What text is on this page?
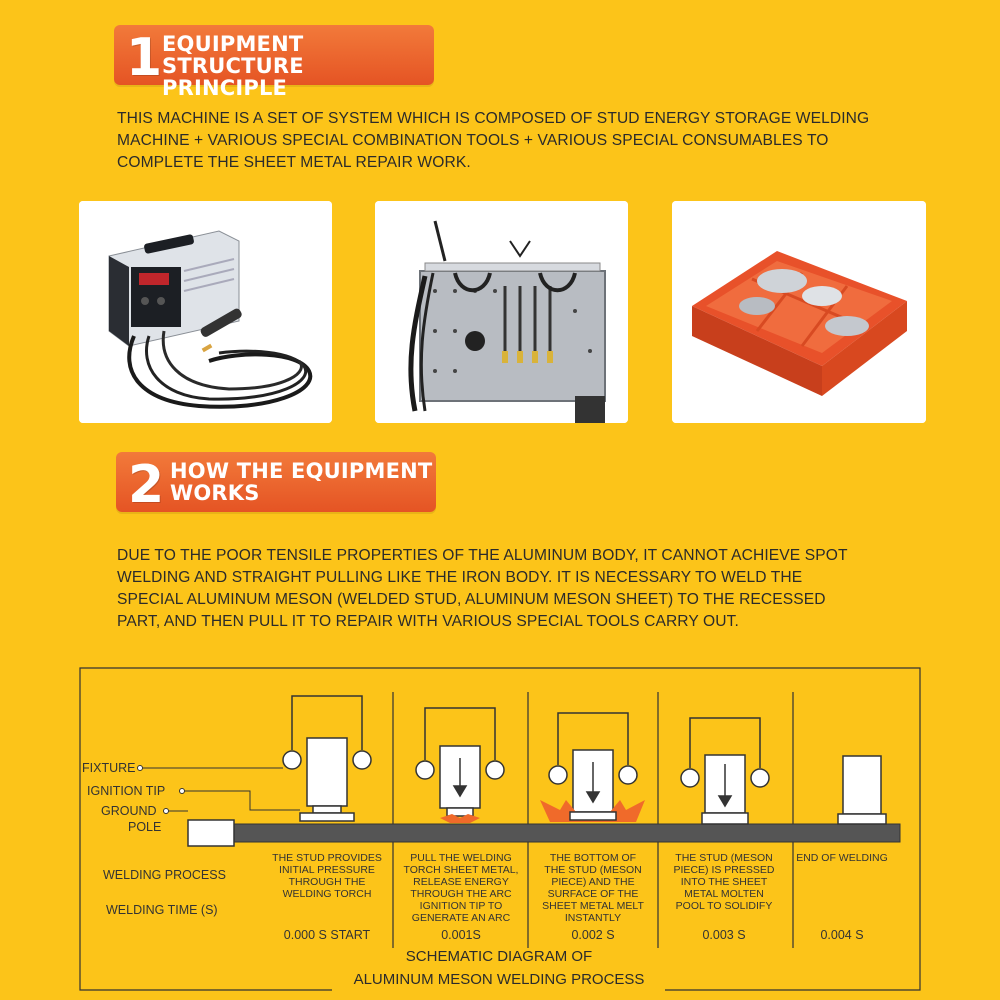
1 EQUIPMENT
STRUCTURE PRINCIPLE
THIS MACHINE IS A SET OF SYSTEM WHICH IS COMPOSED OF STUD ENERGY STORAGE WELDING
MACHINE + VARIOUS SPECIAL COMBINATION TOOLS + VARIOUS SPECIAL CONSUMABLES TO
COMPLETE THE SHEET METAL REPAIR WORK.
2 HOW THE EQUIPMENT
WORKS
DUE TO THE POOR TENSILE PROPERTIES OF THE ALUMINUM BODY, IT CANNOT ACHIEVE SPOT
WELDING AND STRAIGHT PULLING LIKE THE IRON BODY. IT IS NECESSARY TO WELD THE
SPECIAL ALUMINUM MESON (WELDED STUD, ALUMINUM MESON SHEET) TO THE RECESSED
PART, AND THEN PULL IT TO REPAIR WITH VARIOUS SPECIAL TOOLS CARRY OUT.
FIXTURE
IGNITION TIP
GROUND
POLE
WELDING PROCESS
WELDING TIME (S)
THE STUD PROVIDES
INITIAL PRESSURE
THROUGH THE
WELDING TORCH
0.000 S START
PULL THE WELDING
TORCH SHEET METAL,
RELEASE ENERGY
THROUGH THE ARC
IGNITION TIP TO
GENERATE AN ARC
0.001S
THE BOTTOM OF
THE STUD (MESON
PIECE) AND THE
SURFACE OF THE
SHEET METAL MELT
INSTANTLY
0.002 S
THE STUD (MESON
PIECE) IS PRESSED
INTO THE SHEET
METAL MOLTEN
POOL TO SOLIDIFY
0.003 S
END OF WELDING
0.004 S
SCHEMATIC DIAGRAM OF
ALUMINUM MESON WELDING PROCESS
